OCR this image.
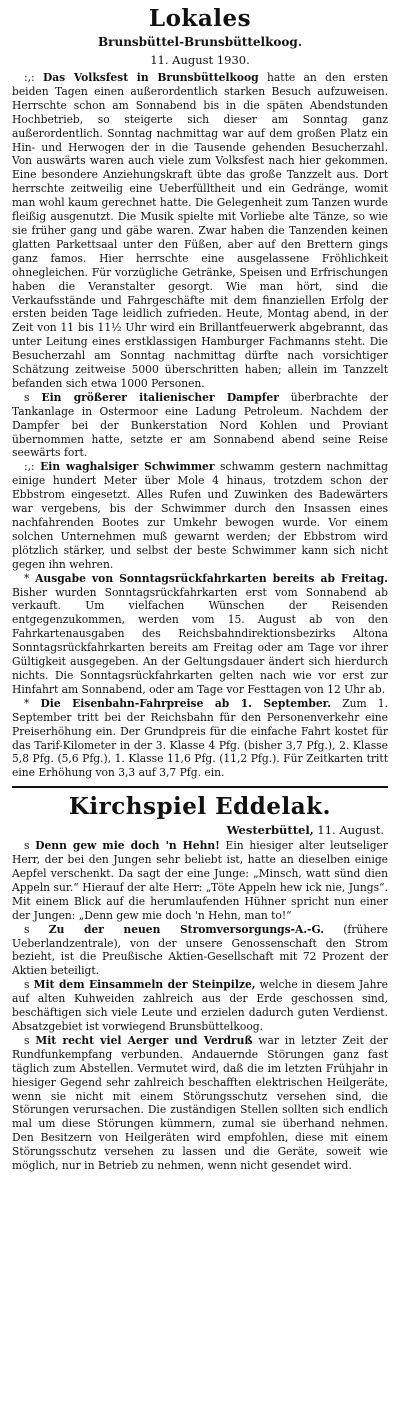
Lokales
Brunsbüttel-Brunsbüttelkoog.
11. August 1930.

:,: Das Volksfest in Brunsbüttelkoog hatte an den ersten beiden Tagen einen außerordentlich starken Besuch aufzuweisen. Herrschte schon am Sonnabend bis in die späten Abendstunden Hochbetrieb, so steigerte sich dieser am Sonntag ganz außerordentlich. Sonntag nachmittag war auf dem großen Platz ein Hin- und Herwogen der in die Tausende gehenden Besucherzahl. Von auswärts waren auch viele zum Volksfest nach hier gekommen. Eine besondere Anziehungskraft übte das große Tanzzelt aus. Dort herrschte zeitweilig eine Ueberfülltheit und ein Gedränge, womit man wohl kaum gerechnet hatte. Die Gelegenheit zum Tanzen wurde fleißig ausgenutzt. Die Musik spielte mit Vorliebe alte Tänze, so wie sie früher gang und gäbe waren. Zwar haben die Tanzenden keinen glatten Parkettsaal unter den Füßen, aber auf den Brettern gings ganz famos. Hier herrschte eine ausgelassene Fröhlichkeit ohnegleichen. Für vorzügliche Getränke, Speisen und Erfrischungen haben die Veranstalter gesorgt. Wie man hört, sind die Verkaufsstände und Fahrgeschäfte mit dem finanziellen Erfolg der ersten beiden Tage leidlich zufrieden. Heute, Montag abend, in der Zeit von 11 bis 11½ Uhr wird ein Brillantfeuerwerk abgebrannt, das unter Leitung eines erstklassigen Hamburger Fachmanns steht. Die Besucherzahl am Sonntag nachmittag dürfte nach vorsichtiger Schätzung zeitweise 5000 überschritten haben; allein im Tanzzelt befanden sich etwa 1000 Personen.

s Ein größerer italienischer Dampfer überbrachte der Tankanlage in Ostermoor eine Ladung Petroleum. Nachdem der Dampfer bei der Bunkerstation Nord Kohlen und Proviant übernommen hatte, setzte er am Sonnabend abend seine Reise seewärts fort.

:,: Ein waghalsiger Schwimmer schwamm gestern nachmittag einige hundert Meter über Mole 4 hinaus, trotzdem schon der Ebbstrom eingesetzt. Alles Rufen und Zuwinken des Badewärters war vergebens, bis der Schwimmer durch den Insassen eines nachfahrenden Bootes zur Umkehr bewogen wurde. Vor einem solchen Unternehmen muß gewarnt werden; der Ebbstrom wird plötzlich stärker, und selbst der beste Schwimmer kann sich nicht gegen ihn wehren.

* Ausgabe von Sonntagsrückfahrkarten bereits ab Freitag. Bisher wurden Sonntagsrückfahrkarten erst vom Sonnabend ab verkauft. Um vielfachen Wünschen der Reisenden entgegenzukommen, werden vom 15. August ab von den Fahrkartenausgaben des Reichsbahndirektionsbezirks Altona Sonntagsrückfahrkarten bereits am Freitag oder am Tage vor ihrer Gültigkeit ausgegeben. An der Geltungsdauer ändert sich hierdurch nichts. Die Sonntagsrückfahrkarten gelten nach wie vor erst zur Hinfahrt am Sonnabend, oder am Tage vor Festtagen von 12 Uhr ab.

* Die Eisenbahn-Fahrpreise ab 1. September. Zum 1. September tritt bei der Reichsbahn für den Personenverkehr eine Preiserhöhung ein. Der Grundpreis für die einfache Fahrt kostet für das Tarif-Kilometer in der 3. Klasse 4 Pfg. (bisher 3,7 Pfg.), 2. Klasse 5,8 Pfg. (5,6 Pfg.), 1. Klasse 11,6 Pfg. (11,2 Pfg.). Für Zeitkarten tritt eine Erhöhung von 3,3 auf 3,7 Pfg. ein.

Kirchspiel Eddelak.
Westerbüttel, 11. August.

s Denn gew mie doch 'n Hehn! Ein hiesiger alter leutseliger Herr, der bei den Jungen sehr beliebt ist, hatte an dieselben einige Aepfel verschenkt. Da sagt der eine Junge: „Minsch, watt sünd dien Appeln sur.“ Hierauf der alte Herr: „Töte Appeln hew ick nie, Jungs“. Mit einem Blick auf die herumlaufenden Hühner spricht nun einer der Jungen: „Denn gew mie doch 'n Hehn, man to!“

s Zu der neuen Stromversorgungs-A.-G. (frühere Ueberlandzentrale), von der unsere Genossenschaft den Strom bezieht, ist die Preußische Aktien-Gesellschaft mit 72 Prozent der Aktien beteiligt.

s Mit dem Einsammeln der Steinpilze, welche in diesem Jahre auf alten Kuhweiden zahlreich aus der Erde geschossen sind, beschäftigen sich viele Leute und erzielen dadurch guten Verdienst. Absatzgebiet ist vorwiegend Brunsbüttelkoog.

s Mit recht viel Aerger und Verdruß war in letzter Zeit der Rundfunkempfang verbunden. Andauernde Störungen ganz fast täglich zum Abstellen. Vermutet wird, daß die im letzten Frühjahr in hiesiger Gegend sehr zahlreich beschafften elektrischen Heilgeräte, wenn sie nicht mit einem Störungsschutz versehen sind, die Störungen verursachen. Die zuständigen Stellen sollten sich endlich mal um diese Störungen kümmern, zumal sie überhand nehmen. Den Besitzern von Heilgeräten wird empfohlen, diese mit einem Störungsschutz versehen zu lassen und die Geräte, soweit wie möglich, nur in Betrieb zu nehmen, wenn nicht gesendet wird.
